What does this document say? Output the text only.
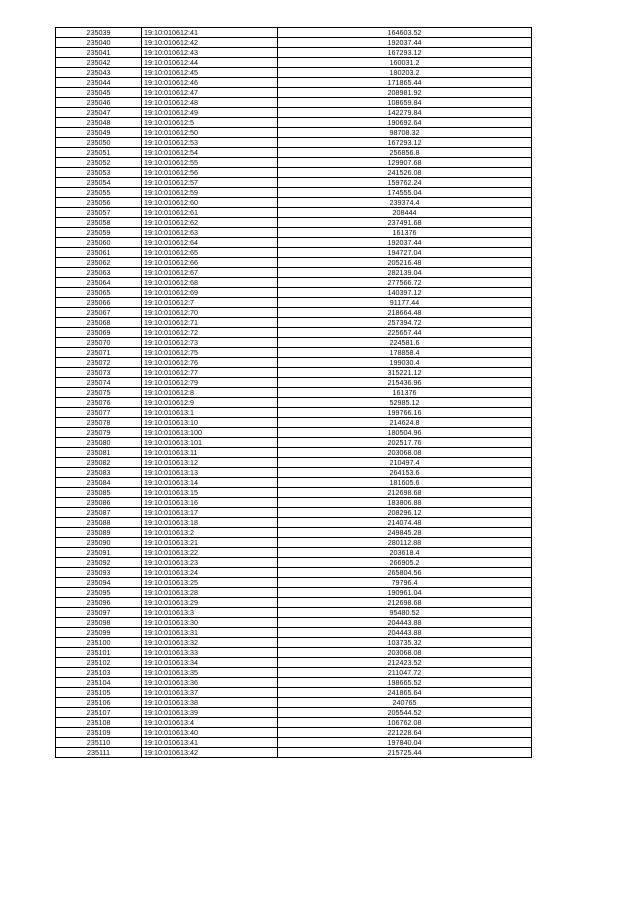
235039	19:10:010612:41	164603.52
235040	19:10:010612:42	192037.44
235041	19:10:010612:43	167293.12
235042	19:10:010612:44	160031.2
235043	19:10:010612:45	180203.2
235044	19:10:010612:46	171865.44
235045	19:10:010612:47	208981.92
235046	19:10:010612:48	108659.84
235047	19:10:010612:49	142279.84
235048	19:10:010612:5	190692.64
235049	19:10:010612:50	98708.32
235050	19:10:010612:53	167293.12
235051	19:10:010612:54	256856.8
235052	19:10:010612:55	129907.68
235053	19:10:010612:56	241526.08
235054	19:10:010612:57	159762.24
235055	19:10:010612:59	174555.04
235056	19:10:010612:60	239374.4
235057	19:10:010612:61	208444
235058	19:10:010612:62	237491.68
235059	19:10:010612:63	161376
235060	19:10:010612:64	192037.44
235061	19:10:010612:65	194727.04
235062	19:10:010612:66	205216.48
235063	19:10:010612:67	282139.04
235064	19:10:010612:68	277566.72
235065	19:10:010612:69	140397.12
235066	19:10:010612:7	91177.44
235067	19:10:010612:70	218664.48
235068	19:10:010612:71	257394.72
235069	19:10:010612:72	225657.44
235070	19:10:010612:73	224581.6
235071	19:10:010612:75	178858.4
235072	19:10:010612:76	199030.4
235073	19:10:010612:77	315221.12
235074	19:10:010612:79	215436.96
235075	19:10:010612:8	161376
235076	19:10:010612:9	52985.12
235077	19:10:010613:1	199766.16
235078	19:10:010613:10	214624.8
235079	19:10:010613:100	180504.96
235080	19:10:010613:101	202517.76
235081	19:10:010613:11	203068.08
235082	19:10:010613:12	210497.4
235083	19:10:010613:13	264153.6
235084	19:10:010613:14	181605.6
235085	19:10:010613:15	212698.68
235086	19:10:010613:16	183806.88
235087	19:10:010613:17	208296.12
235088	19:10:010613:18	214074.48
235089	19:10:010613:2	249845.28
235090	19:10:010613:21	280112.88
235091	19:10:010613:22	203618.4
235092	19:10:010613:23	266905.2
235093	19:10:010613:24	265804.56
235094	19:10:010613:25	79796.4
235095	19:10:010613:28	190961.04
235096	19:10:010613:29	212698.68
235097	19:10:010613:3	95480.52
235098	19:10:010613:30	204443.88
235099	19:10:010613:31	204443.88
235100	19:10:010613:32	103735.32
235101	19:10:010613:33	203068.08
235102	19:10:010613:34	212423.52
235103	19:10:010613:35	211047.72
235104	19:10:010613:36	198665.52
235105	19:10:010613:37	241865.64
235106	19:10:010613:38	240765
235107	19:10:010613:39	205544.52
235108	19:10:010613:4	106762.08
235109	19:10:010613:40	221228.64
235110	19:10:010613:41	197840.04
235111	19:10:010613:42	215725.44
